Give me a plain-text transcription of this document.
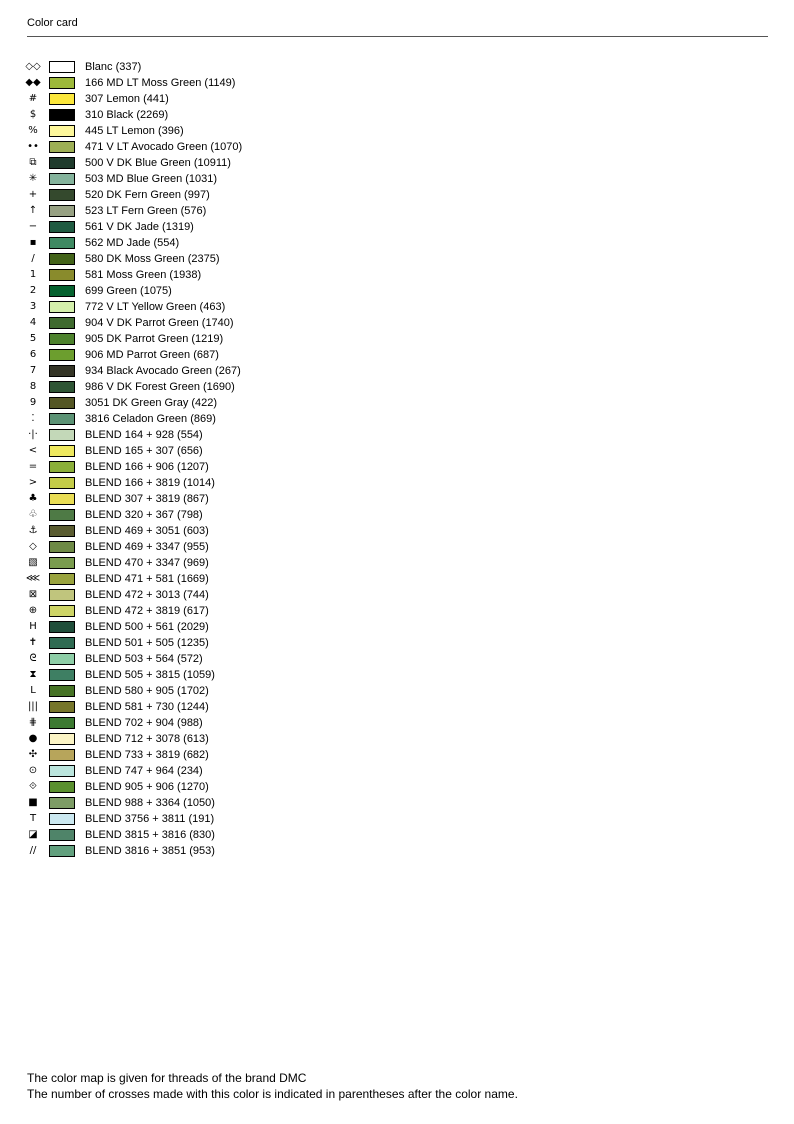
Color card
◇◇	Blanc (337)
◆◆	166 MD LT Moss Green (1149)
#	307 Lemon (441)
$	310 Black (2269)
%	445 LT Lemon (396)
••	471 V LT Avocado Green (1070)
⧉	500 V DK Blue Green (10911)
✳	503 MD Blue Green (1031)
+	520 DK Fern Green (997)
↑	523 LT Fern Green (576)
−	561 V DK Jade (1319)
▪	562 MD Jade (554)
/	580 DK Moss Green (2375)
1	581 Moss Green (1938)
2	699 Green (1075)
3	772 V LT Yellow Green (463)
4	904 V DK Parrot Green (1740)
5	905 DK Parrot Green (1219)
6	906 MD Parrot Green (687)
7	934 Black Avocado Green (267)
8	986 V DK Forest Green (1690)
9	3051 DK Green Gray (422)
⁚	3816 Celadon Green (869)
·|·	BLEND 164 + 928 (554)
<	BLEND 165 + 307 (656)
=	BLEND 166 + 906 (1207)
>	BLEND 166 + 3819 (1014)
♣	BLEND 307 + 3819 (867)
♧	BLEND 320 + 367 (798)
⚓	BLEND 469 + 3051 (603)
◇	BLEND 469 + 3347 (955)
▧	BLEND 470 + 3347 (969)
⋘	BLEND 471 + 581 (1669)
⊠	BLEND 472 + 3013 (744)
⊕	BLEND 472 + 3819 (617)
H	BLEND 500 + 561 (2029)
✝	BLEND 501 + 505 (1235)
ᘓ	BLEND 503 + 564 (572)
⧗	BLEND 505 + 3815 (1059)
L	BLEND 580 + 905 (1702)
|||	BLEND 581 + 730 (1244)
⋕	BLEND 702 + 904 (988)
●	BLEND 712 + 3078 (613)
✣	BLEND 733 + 3819 (682)
⊙	BLEND 747 + 964 (234)
⟐	BLEND 905 + 906 (1270)
■	BLEND 988 + 3364 (1050)
T	BLEND 3756 + 3811 (191)
◪	BLEND 3815 + 3816 (830)
//	BLEND 3816 + 3851 (953)
The color map is given for threads of the brand DMC
The number of crosses made with this color is indicated in parentheses after the color name.
